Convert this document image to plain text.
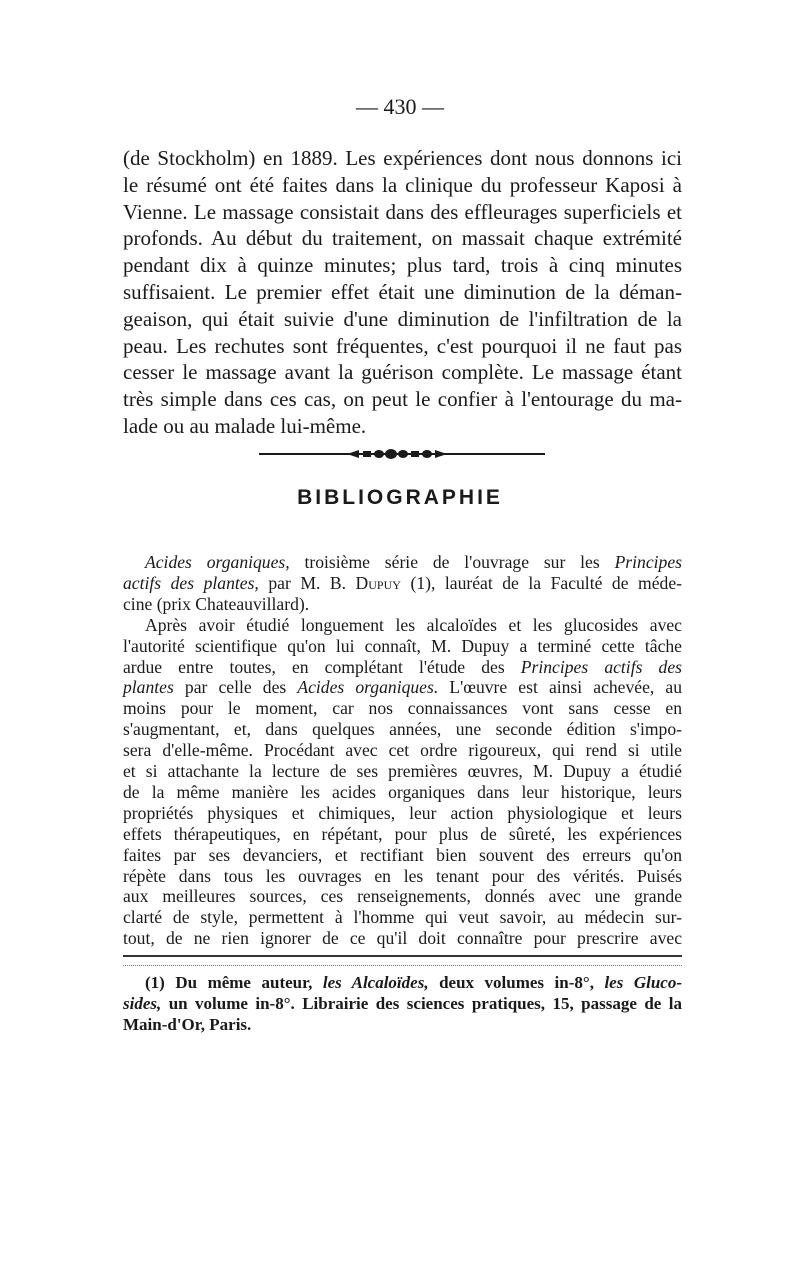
— 430 —
(de Stockholm) en 1889. Les expériences dont nous donnons ici
le résumé ont été faites dans la clinique du professeur Kaposi à
Vienne. Le massage consistait dans des effleurages superficiels et
profonds. Au début du traitement, on massait chaque extrémité
pendant dix à quinze minutes; plus tard, trois à cinq minutes
suffisaient. Le premier effet était une diminution de la déman-
geaison, qui était suivie d'une diminution de l'infiltration de la
peau. Les rechutes sont fréquentes, c'est pourquoi il ne faut pas
cesser le massage avant la guérison complète. Le massage étant
très simple dans ces cas, on peut le confier à l'entourage du ma-
lade ou au malade lui-même.
BIBLIOGRAPHIE
Acides organiques, troisième série de l'ouvrage sur les Principes
actifs des plantes, par M. B. Dupuy (1), lauréat de la Faculté de méde-
cine (prix Chateauvillard).
Après avoir étudié longuement les alcaloïdes et les glucosides avec
l'autorité scientifique qu'on lui connaît, M. Dupuy a terminé cette tâche
ardue entre toutes, en complétant l'étude des Principes actifs des
plantes par celle des Acides organiques. L'œuvre est ainsi achevée, au
moins pour le moment, car nos connaissances vont sans cesse en
s'augmentant, et, dans quelques années, une seconde édition s'impo-
sera d'elle-même. Procédant avec cet ordre rigoureux, qui rend si utile
et si attachante la lecture de ses premières œuvres, M. Dupuy a étudié
de la même manière les acides organiques dans leur historique, leurs
propriétés physiques et chimiques, leur action physiologique et leurs
effets thérapeutiques, en répétant, pour plus de sûreté, les expériences
faites par ses devanciers, et rectifiant bien souvent des erreurs qu'on
répète dans tous les ouvrages en les tenant pour des vérités. Puisés
aux meilleures sources, ces renseignements, donnés avec une grande
clarté de style, permettent à l'homme qui veut savoir, au médecin sur-
tout, de ne rien ignorer de ce qu'il doit connaître pour prescrire avec
(1) Du même auteur, les Alcaloïdes, deux volumes in-8°, les Gluco-
sides, un volume in-8°. Librairie des sciences pratiques, 15, passage de la
Main-d'Or, Paris.
